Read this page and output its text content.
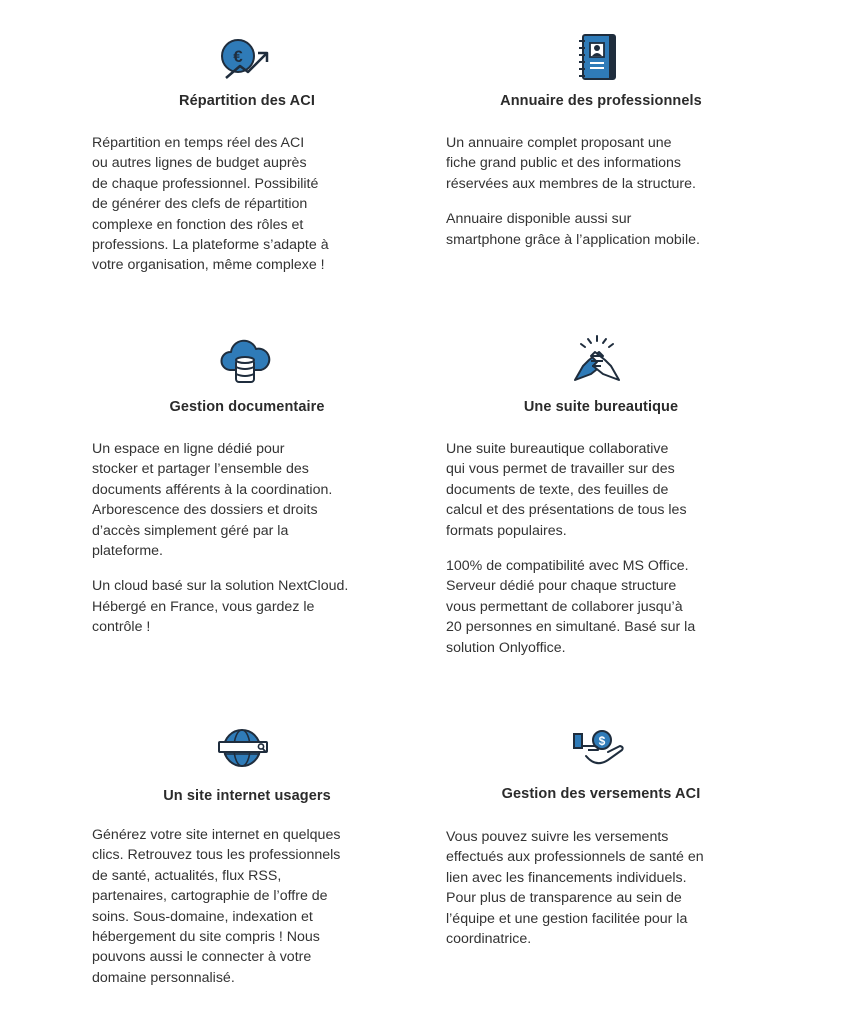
€
Répartition des ACI

Répartition en temps réel des ACI
ou autres lignes de budget auprès
de chaque professionnel. Possibilité
de générer des clefs de répartition
complexe en fonction des rôles et
professions. La plateforme s’adapte à
votre organisation, même complexe !

Annuaire des professionnels

Un annuaire complet proposant une
fiche grand public et des informations
réservées aux membres de la structure.

Annuaire disponible aussi sur
smartphone grâce à l’application mobile.

Gestion documentaire

Un espace en ligne dédié pour
stocker et partager l’ensemble des
documents afférents à la coordination.
Arborescence des dossiers et droits
d’accès simplement géré par la
plateforme.

Un cloud basé sur la solution NextCloud.
Hébergé en France, vous gardez le
contrôle !

Une suite bureautique

Une suite bureautique collaborative
qui vous permet de travailler sur des
documents de texte, des feuilles de
calcul et des présentations de tous les
formats populaires.

100% de compatibilité avec MS Office.
Serveur dédié pour chaque structure
vous permettant de collaborer jusqu’à
20 personnes en simultané. Basé sur la
solution Onlyoffice.

Un site internet usagers

Générez votre site internet en quelques
clics. Retrouvez tous les professionnels
de santé, actualités, flux RSS,
partenaires, cartographie de l’offre de
soins. Sous-domaine, indexation et
hébergement du site compris ! Nous
pouvons aussi le connecter à votre
domaine personnalisé.

$
Gestion des versements ACI

Vous pouvez suivre les versements
effectués aux professionnels de santé en
lien avec les financements individuels.
Pour plus de transparence au sein de
l’équipe et une gestion facilitée pour la
coordinatrice.
